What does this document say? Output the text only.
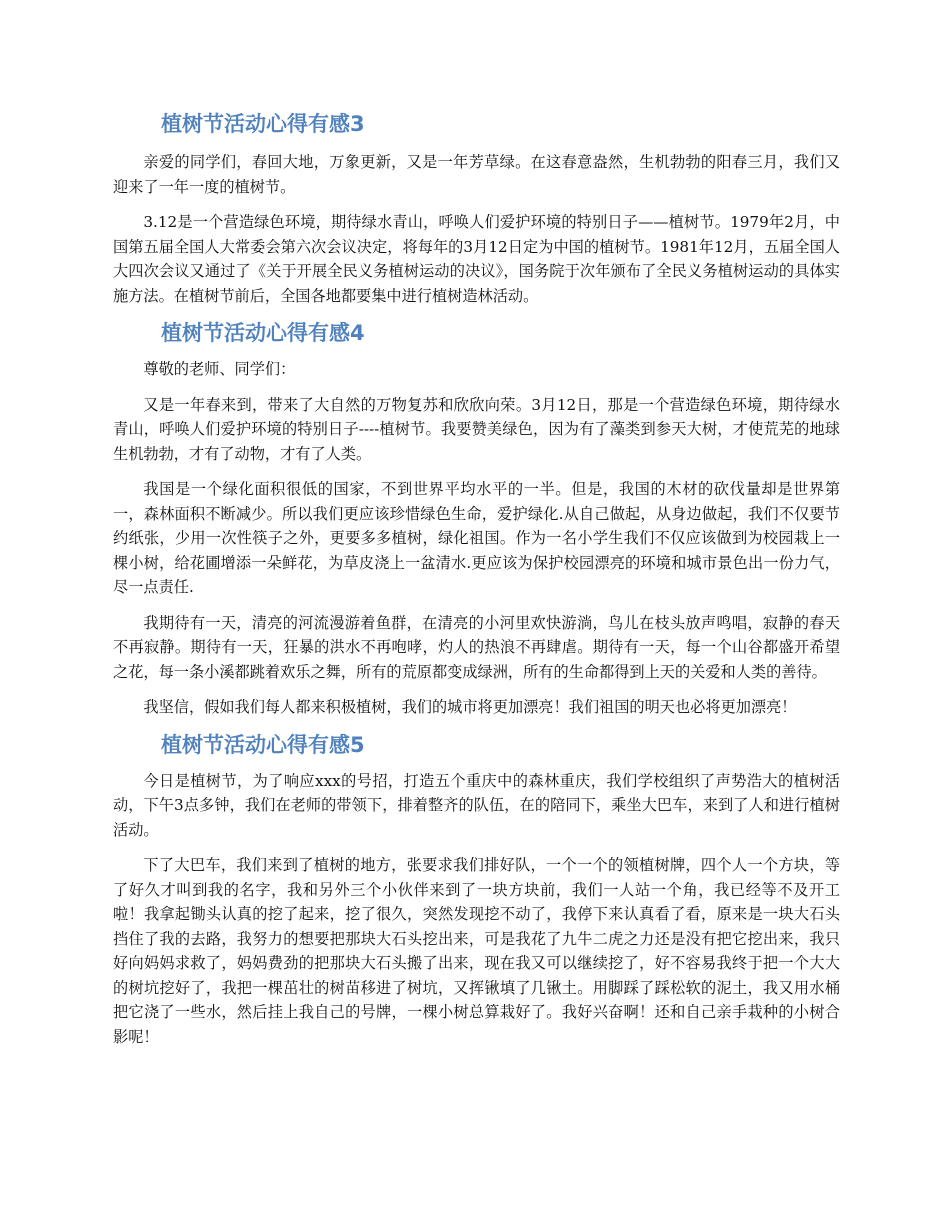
植树节活动心得有感3

亲爱的同学们，春回大地，万象更新，又是一年芳草绿。在这春意盎然，生机勃勃的阳春三月，我们又迎来了一年一度的植树节。

3.12是一个营造绿色环境，期待绿水青山，呼唤人们爱护环境的特别日子——植树节。1979年2月，中国第五届全国人大常委会第六次会议决定，将每年的3月12日定为中国的植树节。1981年12月，五届全国人大四次会议又通过了《关于开展全民义务植树运动的决议》，国务院于次年颁布了全民义务植树运动的具体实施方法。在植树节前后，全国各地都要集中进行植树造林活动。

植树节活动心得有感4

尊敬的老师、同学们：

又是一年春来到，带来了大自然的万物复苏和欣欣向荣。3月12日，那是一个营造绿色环境，期待绿水青山，呼唤人们爱护环境的特别日子----植树节。我要赞美绿色，因为有了藻类到参天大树，才使荒芜的地球生机勃勃，才有了动物，才有了人类。

我国是一个绿化面积很低的国家，不到世界平均水平的一半。但是，我国的木材的砍伐量却是世界第一，森林面积不断减少。所以我们更应该珍惜绿色生命，爱护绿化.从自己做起，从身边做起，我们不仅要节约纸张，少用一次性筷子之外，更要多多植树，绿化祖国。作为一名小学生我们不仅应该做到为校园栽上一棵小树，给花圃增添一朵鲜花，为草皮浇上一盆清水.更应该为保护校园漂亮的环境和城市景色出一份力气，尽一点责任.

我期待有一天，清亮的河流漫游着鱼群，在清亮的小河里欢快游淌，鸟儿在枝头放声鸣唱，寂静的春天不再寂静。期待有一天，狂暴的洪水不再咆哮，灼人的热浪不再肆虐。期待有一天，每一个山谷都盛开希望之花，每一条小溪都跳着欢乐之舞，所有的荒原都变成绿洲，所有的生命都得到上天的关爱和人类的善待。

我坚信，假如我们每人都来积极植树，我们的城市将更加漂亮！我们祖国的明天也必将更加漂亮！

植树节活动心得有感5

今日是植树节，为了响应xxx的号招，打造五个重庆中的森林重庆，我们学校组织了声势浩大的植树活动，下午3点多钟，我们在老师的带领下，排着整齐的队伍，在的陪同下，乘坐大巴车，来到了人和进行植树活动。

下了大巴车，我们来到了植树的地方，张要求我们排好队，一个一个的领植树牌，四个人一个方块，等了好久才叫到我的名字，我和另外三个小伙伴来到了一块方块前，我们一人站一个角，我已经等不及开工啦！我拿起锄头认真的挖了起来，挖了很久，突然发现挖不动了，我停下来认真看了看，原来是一块大石头挡住了我的去路，我努力的想要把那块大石头挖出来，可是我花了九牛二虎之力还是没有把它挖出来，我只好向妈妈求救了，妈妈费劲的把那块大石头搬了出来，现在我又可以继续挖了，好不容易我终于把一个大大的树坑挖好了，我把一棵茁壮的树苗移进了树坑，又挥锹填了几锹土。用脚踩了踩松软的泥土，我又用水桶把它浇了一些水，然后挂上我自己的号牌，一棵小树总算栽好了。我好兴奋啊！还和自己亲手栽种的小树合影呢！
